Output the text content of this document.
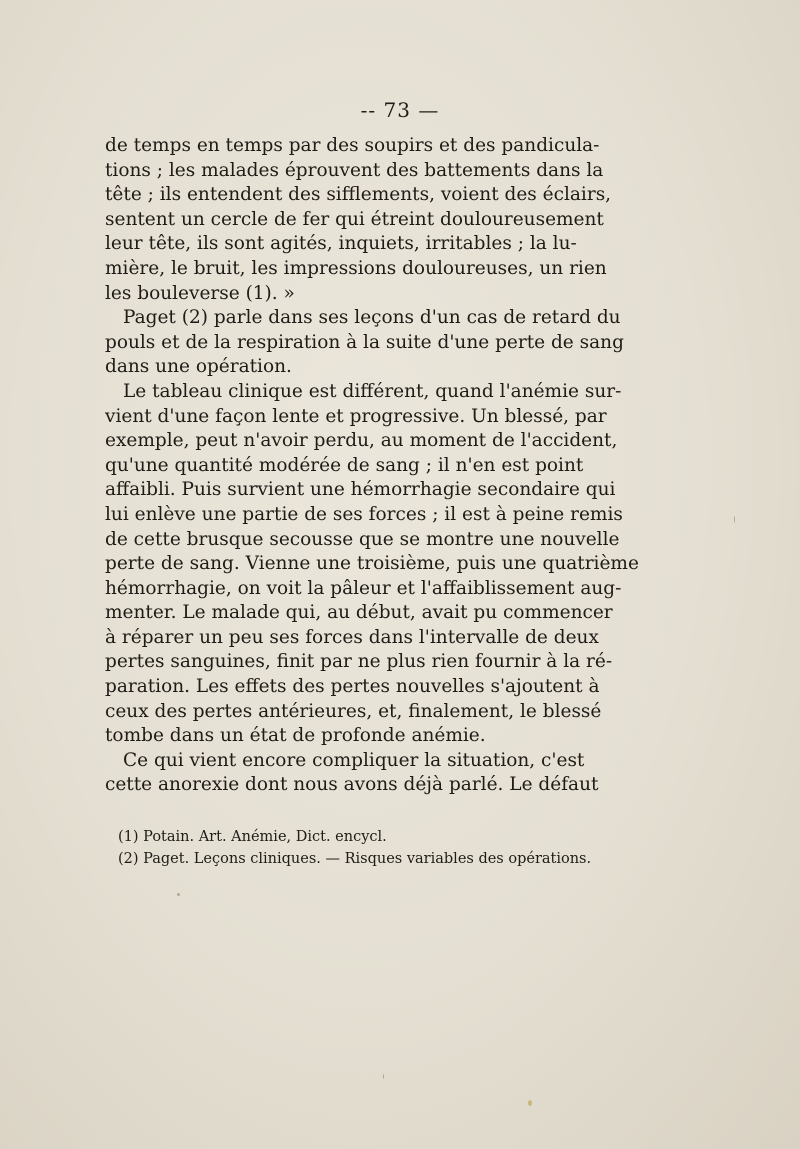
-- 73 —
de temps en temps par des soupirs et des pandicula-
tions ; les malades éprouvent des battements dans la
tête ; ils entendent des sifflements, voient des éclairs,
sentent un cercle de fer qui étreint douloureusement
leur tête, ils sont agités, inquiets, irritables ; la lu-
mière, le bruit, les impressions douloureuses, un rien
les bouleverse (1). »
Paget (2) parle dans ses leçons d'un cas de retard du
pouls et de la respiration à la suite d'une perte de sang
dans une opération.
Le tableau clinique est différent, quand l'anémie sur-
vient d'une façon lente et progressive. Un blessé, par
exemple, peut n'avoir perdu, au moment de l'accident,
qu'une quantité modérée de sang ; il n'en est point
affaibli. Puis survient une hémorrhagie secondaire qui
lui enlève une partie de ses forces ; il est à peine remis
de cette brusque secousse que se montre une nouvelle
perte de sang. Vienne une troisième, puis une quatrième
hémorrhagie, on voit la pâleur et l'affaiblissement aug-
menter. Le malade qui, au début, avait pu commencer
à réparer un peu ses forces dans l'intervalle de deux
pertes sanguines, finit par ne plus rien fournir à la ré-
paration. Les effets des pertes nouvelles s'ajoutent à
ceux des pertes antérieures, et, finalement, le blessé
tombe dans un état de profonde anémie.
Ce qui vient encore compliquer la situation, c'est
cette anorexie dont nous avons déjà parlé. Le défaut
(1) Potain. Art. Anémie, Dict. encycl.
(2) Paget. Leçons cliniques. — Risques variables des opérations.
